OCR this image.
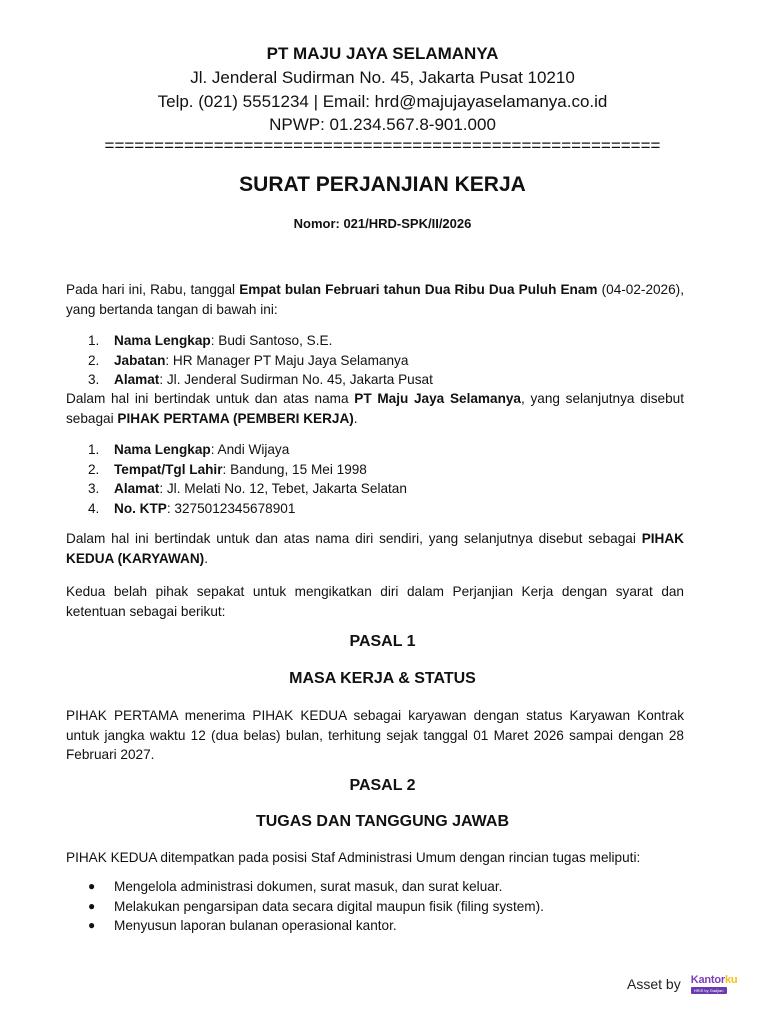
PT MAJU JAYA SELAMANYA
Jl. Jenderal Sudirman No. 45, Jakarta Pusat 10210
Telp. (021) 5551234 | Email: hrd@majujayaselamanya.co.id
NPWP: 01.234.567.8-901.000
========================================================
SURAT PERJANJIAN KERJA
Nomor: 021/HRD-SPK/II/2026

Pada hari ini, Rabu, tanggal Empat bulan Februari tahun Dua Ribu Dua Puluh Enam (04-02-2026), yang bertanda tangan di bawah ini:

1.	Nama Lengkap: Budi Santoso, S.E.
2.	Jabatan: HR Manager PT Maju Jaya Selamanya
3.	Alamat: Jl. Jenderal Sudirman No. 45, Jakarta Pusat

Dalam hal ini bertindak untuk dan atas nama PT Maju Jaya Selamanya, yang selanjutnya disebut sebagai PIHAK PERTAMA (PEMBERI KERJA).

1.	Nama Lengkap: Andi Wijaya
2.	Tempat/Tgl Lahir: Bandung, 15 Mei 1998
3.	Alamat: Jl. Melati No. 12, Tebet, Jakarta Selatan
4.	No. KTP: 3275012345678901

Dalam hal ini bertindak untuk dan atas nama diri sendiri, yang selanjutnya disebut sebagai PIHAK KEDUA (KARYAWAN).

Kedua belah pihak sepakat untuk mengikatkan diri dalam Perjanjian Kerja dengan syarat dan ketentuan sebagai berikut:

PASAL 1
MASA KERJA & STATUS

PIHAK PERTAMA menerima PIHAK KEDUA sebagai karyawan dengan status Karyawan Kontrak untuk jangka waktu 12 (dua belas) bulan, terhitung sejak tanggal 01 Maret 2026 sampai dengan 28 Februari 2027.

PASAL 2
TUGAS DAN TANGGUNG JAWAB

PIHAK KEDUA ditempatkan pada posisi Staf Administrasi Umum dengan rincian tugas meliputi:

●	Mengelola administrasi dokumen, surat masuk, dan surat keluar.
●	Melakukan pengarsipan data secara digital maupun fisik (filing system).
●	Menyusun laporan bulanan operasional kantor.
Asset by Kantorku
HRIS by Gadjian
